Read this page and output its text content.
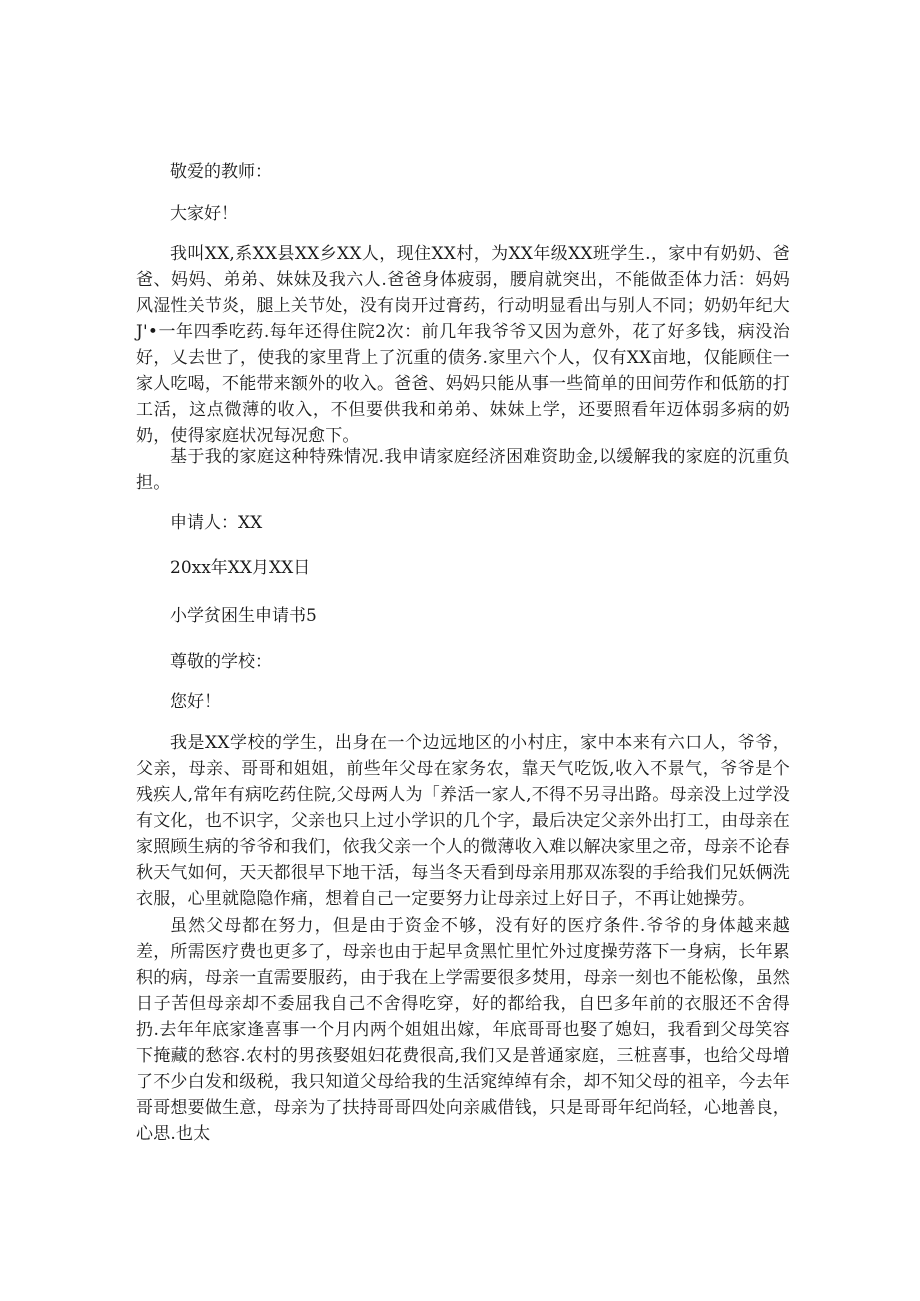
敬爱的教师：
大家好！
我叫XX,系XX县XX乡XX人，现住XX村，为XX年级XX班学生.，家中有奶奶、爸爸、妈妈、弟弟、妹妹及我六人.爸爸身体疲弱，腰肩就突出，不能做歪体力活：妈妈风湿性关节炎，腿上关节处，没有岗开过膏药，行动明显看出与别人不同；奶奶年纪大J'•一年四季吃药.每年还得住院2次：前几年我爷爷又因为意外，花了好多钱，病没治好，乂去世了，使我的家里背上了沉重的债务.家里六个人，仅有XX亩地，仅能顾住一家人吃喝，不能带来额外的收入。爸爸、妈妈只能从事一些简单的田间劳作和低筋的打工活，这点微薄的收入，不但要供我和弟弟、妹妹上学，还要照看年迈体弱多病的奶奶，使得家庭状况每况愈下。
基于我的家庭这种特殊情况.我申请家庭经济困难资助金,以缓解我的家庭的沉重负担。
申请人：XX
20xx年XX月XX日
小学贫困生申请书5
尊敬的学校：
您好！
我是XX学校的学生，出身在一个边远地区的小村庄，家中本来有六口人，爷爷，父亲，母亲、哥哥和姐姐，前些年父母在家务农，靠天气吃饭,收入不景气，爷爷是个残疾人,常年有病吃药住院,父母两人为「养活一家人,不得不另寻出路。母亲没上过学没有文化，也不识字，父亲也只上过小学识的几个字，最后决定父亲外出打工，由母亲在家照顾生病的爷爷和我们，依我父亲一个人的微薄收入难以解决家里之帝，母亲不论春秋天气如何，天天都很早下地干活，每当冬天看到母亲用那双冻裂的手给我们兄妖俩洗衣服，心里就隐隐作痛，想着自己一定要努力让母亲过上好日子，不再让她操劳。
虽然父母都在努力，但是由于资金不够，没有好的医疗条件.爷爷的身体越来越差，所需医疗费也更多了，母亲也由于起早贪黑忙里忙外过度操劳落下一身病，长年累积的病，母亲一直需要服药，由于我在上学需要很多焚用，母亲一刻也不能松像，虽然日子苦但母亲却不委屈我自己不舍得吃穿，好的都给我，自巴多年前的衣服还不舍得扔.去年年底家逢喜事一个月内两个姐姐出嫁，年底哥哥也娶了媳妇，我看到父母笑容下掩藏的愁容.农村的男孩娶姐妇花费很高,我们又是普通家庭，三桩喜事，也给父母增了不少白发和级税，我只知道父母给我的生活窕绰绰有余，却不知父母的祖辛，今去年哥哥想要做生意，母亲为了扶持哥哥四处向亲戚借钱，只是哥哥年纪尚轻，心地善良，心思.也太
